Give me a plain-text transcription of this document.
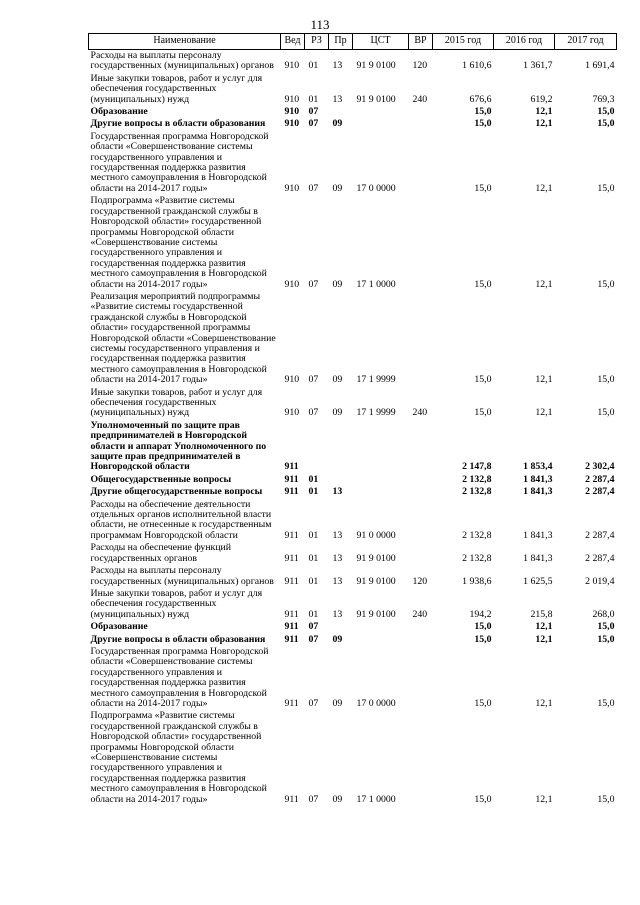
113
Наименование	Вед	РЗ	Пр	ЦСТ	ВР	2015 год	2016 год	2017 год
Расходы на выплаты персоналу государственных (муниципальных) органов	910	01	13	91 9 0100	120	1 610,6	1 361,7	1 691,4
Иные закупки товаров, работ и услуг для обеспечения государственных (муниципальных) нужд	910	01	13	91 9 0100	240	676,6	619,2	769,3
Образование	910	07				15,0	12,1	15,0
Другие вопросы в области образования	910	07	09			15,0	12,1	15,0
Государственная программа Новгородской области «Совершенствование системы государственного управления и государственная поддержка развития местного самоуправления в Новгородской области на 2014-2017 годы»	910	07	09	17 0 0000		15,0	12,1	15,0
Подпрограмма «Развитие системы государственной гражданской службы в Новгородской области» государственной программы Новгородской области «Совершенствование системы государственного управления и государственная поддержка развития местного самоуправления в Новгородской области на 2014-2017 годы»	910	07	09	17 1 0000		15,0	12,1	15,0
Реализация мероприятий подпрограммы «Развитие системы государственной гражданской службы в Новгородской области» государственной программы Новгородской области «Совершенствование системы государственного управления и государственная поддержка развития местного самоуправления в Новгородской области на 2014-2017 годы»	910	07	09	17 1 9999		15,0	12,1	15,0
Иные закупки товаров, работ и услуг для обеспечения государственных (муниципальных) нужд	910	07	09	17 1 9999	240	15,0	12,1	15,0
Уполномоченный по защите прав предпринимателей в Новгородской области и аппарат Уполномоченного по защите прав предпринимателей в Новгородской области	911					2 147,8	1 853,4	2 302,4
Общегосударственные вопросы	911	01				2 132,8	1 841,3	2 287,4
Другие общегосударственные вопросы	911	01	13			2 132,8	1 841,3	2 287,4
Расходы на обеспечение деятельности отдельных органов исполнительной власти области, не отнесенные к государственным программам Новгородской области	911	01	13	91 0 0000		2 132,8	1 841,3	2 287,4
Расходы на обеспечение функций государственных органов	911	01	13	91 9 0100		2 132,8	1 841,3	2 287,4
Расходы на выплаты персоналу государственных (муниципальных) органов	911	01	13	91 9 0100	120	1 938,6	1 625,5	2 019,4
Иные закупки товаров, работ и услуг для обеспечения государственных (муниципальных) нужд	911	01	13	91 9 0100	240	194,2	215,8	268,0
Образование	911	07				15,0	12,1	15,0
Другие вопросы в области образования	911	07	09			15,0	12,1	15,0
Государственная программа Новгородской области «Совершенствование системы государственного управления и государственная поддержка развития местного самоуправления в Новгородской области на 2014-2017 годы»	911	07	09	17 0 0000		15,0	12,1	15,0
Подпрограмма «Развитие системы государственной гражданской службы в Новгородской области» государственной программы Новгородской области «Совершенствование системы государственного управления и государственная поддержка развития местного самоуправления в Новгородской области на 2014-2017 годы»	911	07	09	17 1 0000		15,0	12,1	15,0
